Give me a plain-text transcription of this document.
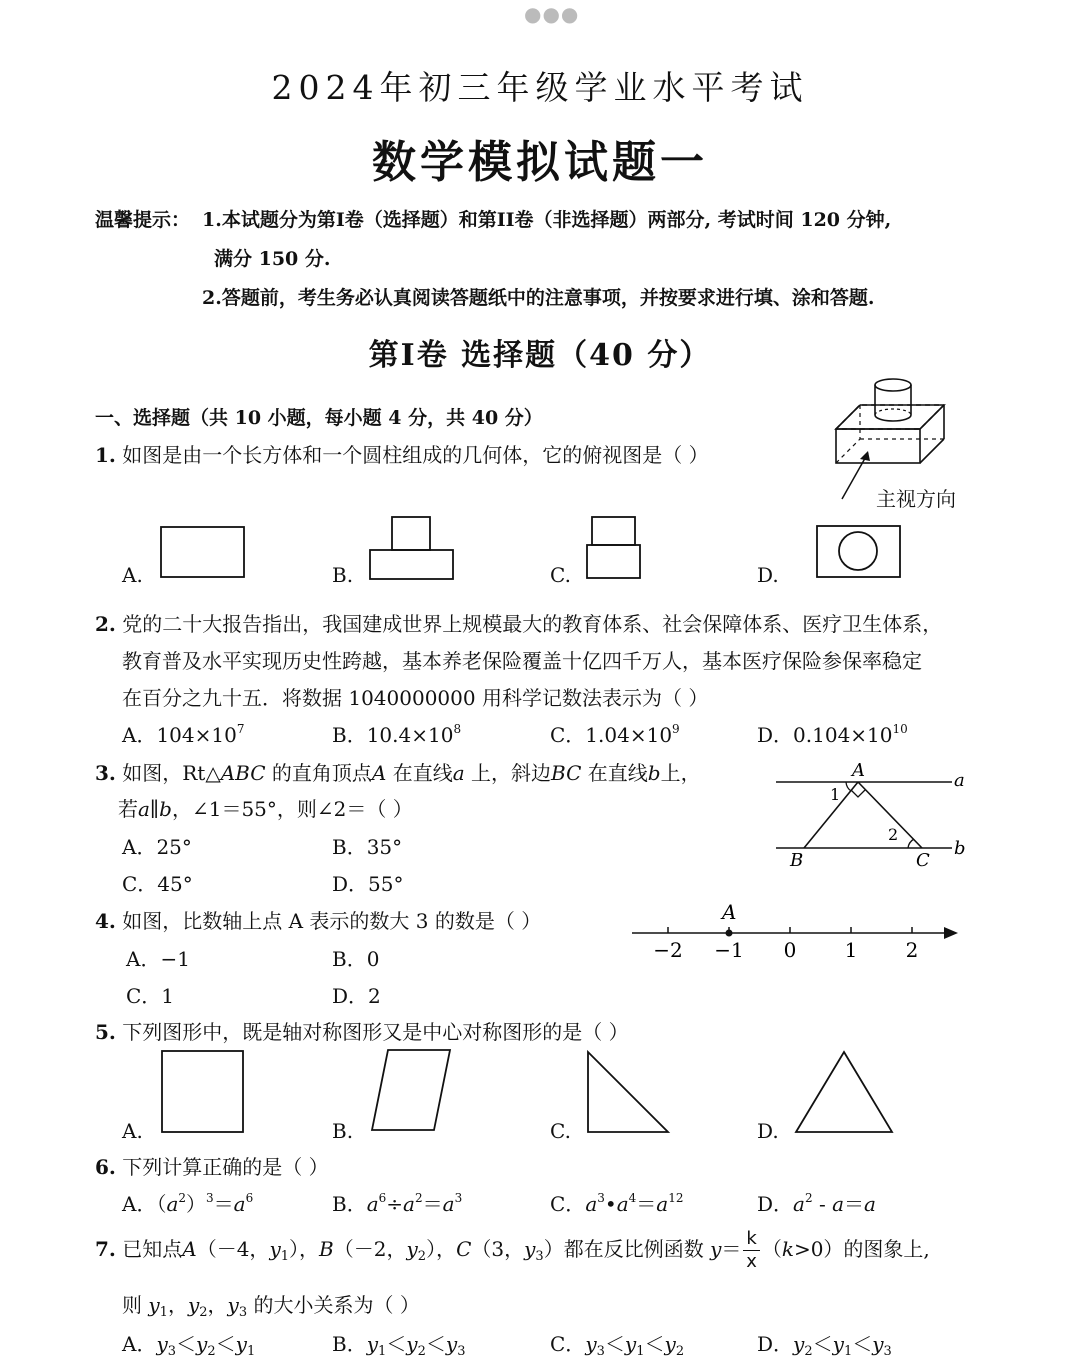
●●●
2024年初三年级学业水平考试
数学模拟试题一
温馨提示： 1.本试题分为第I卷（选择题）和第II卷（非选择题）两部分, 考试时间 120 分钟,
满分 150 分.
2.答题前，考生务必认真阅读答题纸中的注意事项，并按要求进行填、涂和答题.
第I卷 选择题（40 分）
一、选择题（共 10 小题，每小题 4 分，共 40 分）
1. 如图是由一个长方体和一个圆柱组成的几何体，它的俯视图是（ ）
主视方向
A.	B.	C.	D.
2. 党的二十大报告指出，我国建成世界上规模最大的教育体系、社会保障体系、医疗卫生体系，
教育普及水平实现历史性跨越，基本养老保险覆盖十亿四千万人，基本医疗保险参保率稳定
在百分之九十五．将数据 1040000000 用科学记数法表示为（ ）
A．$104\times 10^7$	B．$10.4\times 10^8$	C．$1.04\times 10^9$	D．$0.104\times 10^{10}$
3. 如图，Rt△ABC 的直角顶点A 在直线a 上，斜边BC 在直线b上，
若a∥b，∠1＝55°，则∠2＝（ ）
A．25°	B．35°
C．45°	D．55°
A	a
b
B	C
1
2
4. 如图，比数轴上点 A 表示的数大 3 的数是（ ）
A．−1	B．0
C．1	D．2
−2 −1 0 1 2
A
5. 下列图形中，既是轴对称图形又是中心对称图形的是（ ）
A.	B.	C.	D.
6. 下列计算正确的是（ ）
A．$(a^2)^3=a^6$	B．$a^6\div a^2=a^3$	C．$a^3•a^4=a^{12}$	D．$a^2 - a=a$
7. 已知点A（－4，$y_1$），B（－2，$y_2$），C（3，$y_3$）都在反比例函数 $y= \frac{k}{x} (k>0)$的图象上,
则 $y_1$，$y_2$，$y_3$ 的大小关系为（ ）
A．$y_3<y_2<y_1$	B．$y_1<y_2<y_3$	C．$y_3<y_1<y_2$	D．$y_2<y_1<y_3$
